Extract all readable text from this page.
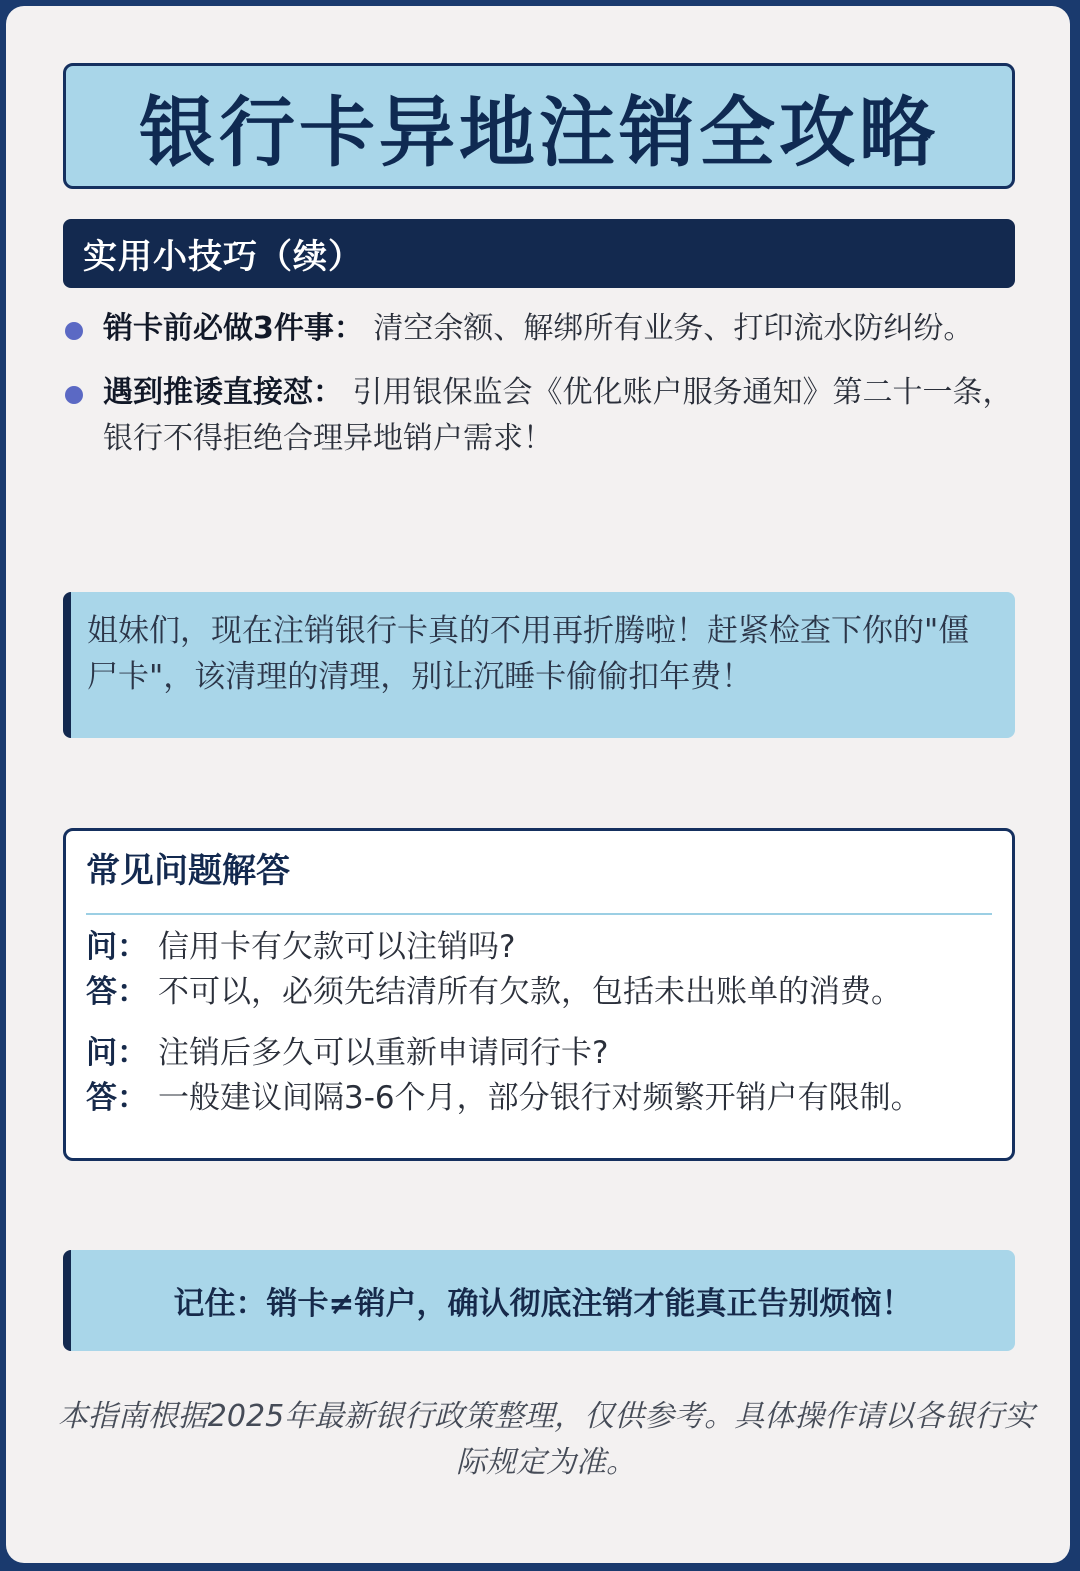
银行卡异地注销全攻略
实用小技巧（续）
销卡前必做3件事： 清空余额、解绑所有业务、打印流水防纠纷。
遇到推诿直接怼： 引用银保监会《优化账户服务通知》第二十一条，银行不得拒绝合理异地销户需求！
姐妹们，现在注销银行卡真的不用再折腾啦！赶紧检查下你的"僵尸卡"，该清理的清理，别让沉睡卡偷偷扣年费！
常见问题解答
问： 信用卡有欠款可以注销吗?
答： 不可以，必须先结清所有欠款，包括未出账单的消费。
问： 注销后多久可以重新申请同行卡?
答： 一般建议间隔3-6个月，部分银行对频繁开销户有限制。
记住：销卡≠销户，确认彻底注销才能真正告别烦恼！
本指南根据2025年最新银行政策整理，仅供参考。具体操作请以各银行实际规定为准。
